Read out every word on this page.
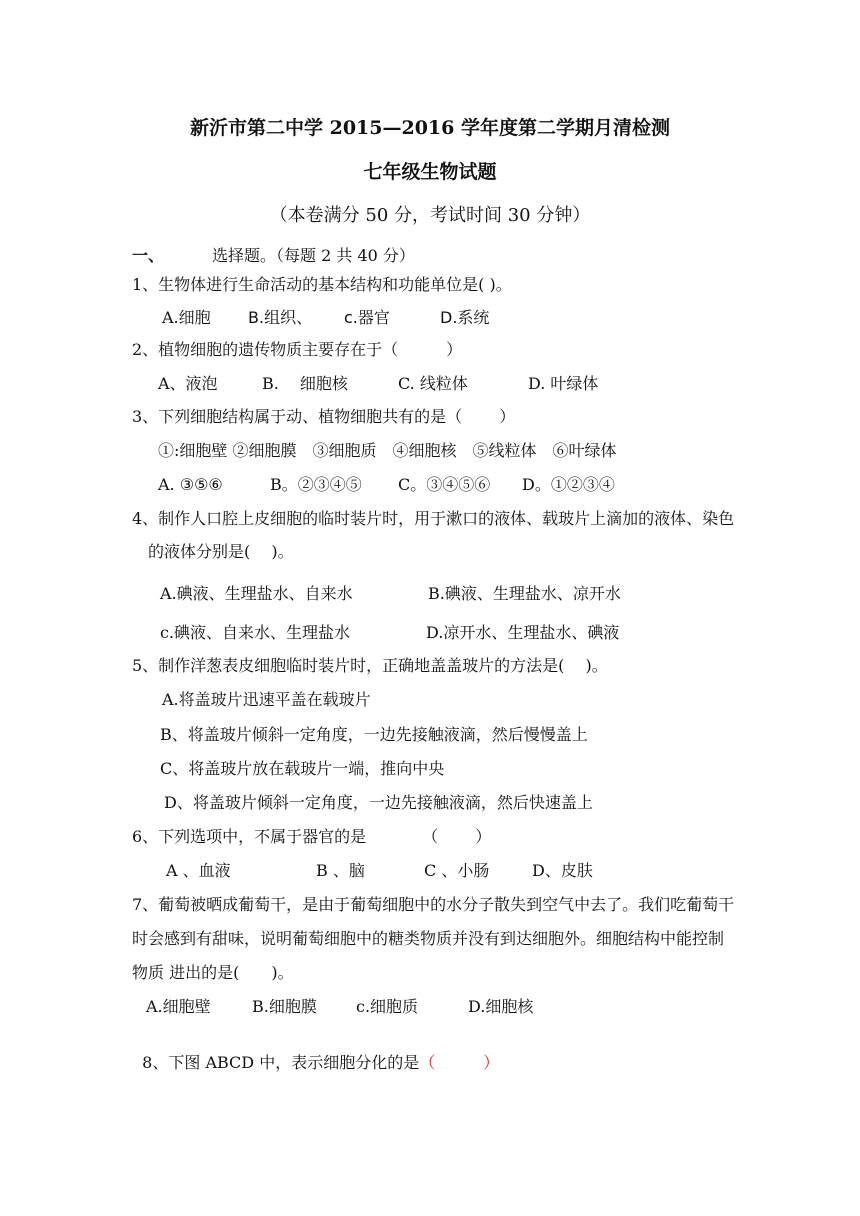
新沂市第二中学 2015—2016 学年度第二学期月清检测
七年级生物试题
（本卷满分 50 分，考试时间 30 分钟）
一、	选择题。（每题 2 共 40 分）
1、生物体进行生命活动的基本结构和功能单位是( )。
A.细胞 B.组织、 c.器官	D.系统
2、植物细胞的遗传物质主要存在于（　　　）
A、液泡	B.　 细胞核	C. 线粒体	D. 叶绿体
3、下列细胞结构属于动、植物细胞共有的是（　　 ）
①:细胞壁 ②细胞膜　③细胞质　④细胞核　⑤线粒体　⑥叶绿体
A. ③⑤⑥	B。②③④⑤ C。③④⑤⑥ D。①②③④
4、制作人口腔上皮细胞的临时装片时，用于漱口的液体、载玻片上滴加的液体、染色
的液体分别是(　 )。
A.碘液、生理盐水、自来水	B.碘液、生理盐水、凉开水
c.碘液、自来水、生理盐水	D.凉开水、生理盐水、碘液
5、制作洋葱表皮细胞临时装片时，正确地盖盖玻片的方法是(　 )。
A.将盖玻片迅速平盖在载玻片
B、将盖玻片倾斜一定角度，一边先接触液滴，然后慢慢盖上
C、将盖玻片放在载玻片一端，推向中央
D、将盖玻片倾斜一定角度，一边先接触液滴，然后快速盖上
6、下列选项中，不属于器官的是　　　　（　　 ）
A 、血液	B 、脑	C 、小肠	D、皮肤
7、葡萄被晒成葡萄干，是由于葡萄细胞中的水分子散失到空气中去了。我们吃葡萄干
时会感到有甜味，说明葡萄细胞中的糖类物质并没有到达细胞外。细胞结构中能控制
物质 进出的是(　　)。
A.细胞壁	B.细胞膜 c.细胞质	D.细胞核

8、下图 ABCD 中，表示细胞分化的是（　　　）
